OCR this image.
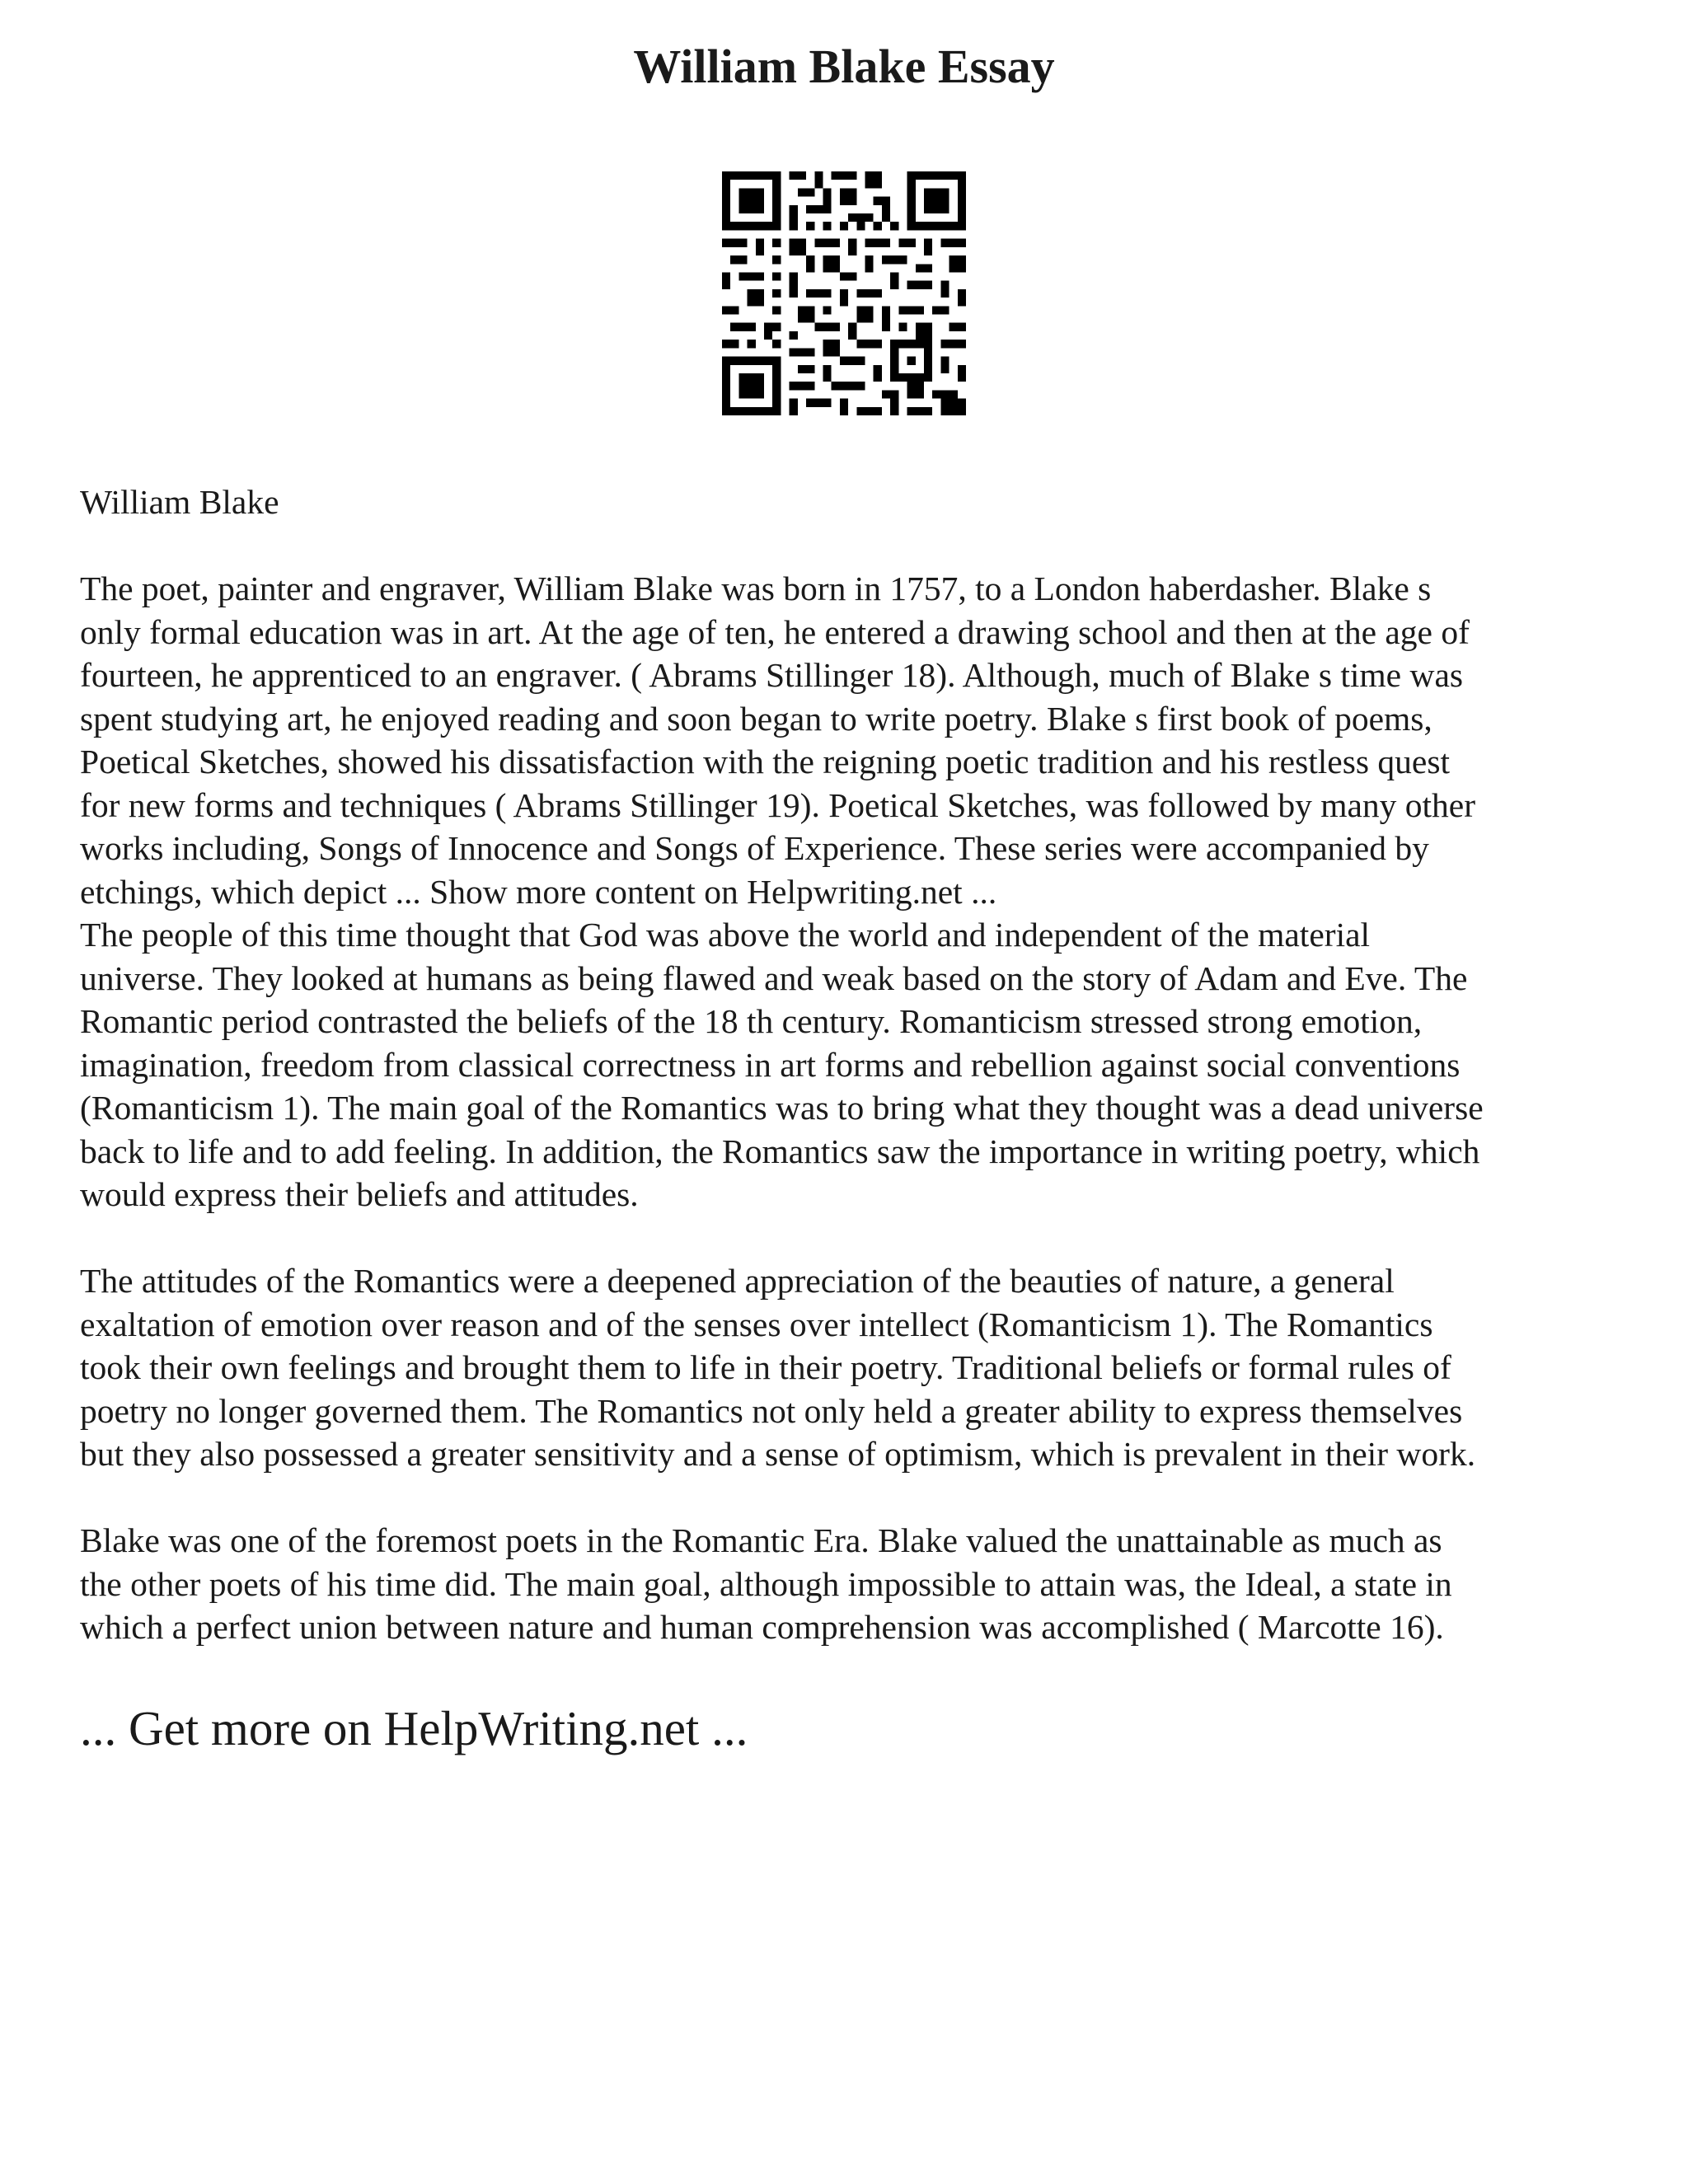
William Blake Essay

William Blake

The poet, painter and engraver, William Blake was born in 1757, to a London haberdasher. Blake s
only formal education was in art. At the age of ten, he entered a drawing school and then at the age of
fourteen, he apprenticed to an engraver. ( Abrams Stillinger 18). Although, much of Blake s time was
spent studying art, he enjoyed reading and soon began to write poetry. Blake s first book of poems,
Poetical Sketches, showed his dissatisfaction with the reigning poetic tradition and his restless quest
for new forms and techniques ( Abrams Stillinger 19). Poetical Sketches, was followed by many other
works including, Songs of Innocence and Songs of Experience. These series were accompanied by
etchings, which depict ... Show more content on Helpwriting.net ...

The people of this time thought that God was above the world and independent of the material
universe. They looked at humans as being flawed and weak based on the story of Adam and Eve. The
Romantic period contrasted the beliefs of the 18 th century. Romanticism stressed strong emotion,
imagination, freedom from classical correctness in art forms and rebellion against social conventions
(Romanticism 1). The main goal of the Romantics was to bring what they thought was a dead universe
back to life and to add feeling. In addition, the Romantics saw the importance in writing poetry, which
would express their beliefs and attitudes.

The attitudes of the Romantics were a deepened appreciation of the beauties of nature, a general
exaltation of emotion over reason and of the senses over intellect (Romanticism 1). The Romantics
took their own feelings and brought them to life in their poetry. Traditional beliefs or formal rules of
poetry no longer governed them. The Romantics not only held a greater ability to express themselves
but they also possessed a greater sensitivity and a sense of optimism, which is prevalent in their work.

Blake was one of the foremost poets in the Romantic Era. Blake valued the unattainable as much as
the other poets of his time did. The main goal, although impossible to attain was, the Ideal, a state in
which a perfect union between nature and human comprehension was accomplished ( Marcotte 16).

... Get more on HelpWriting.net ...
